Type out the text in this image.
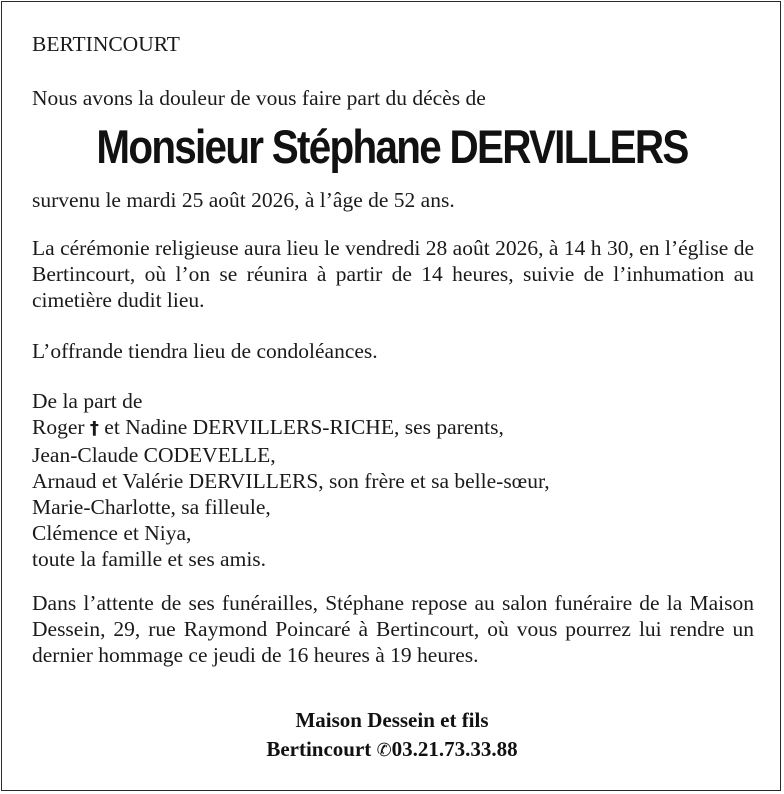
BERTINCOURT

Nous avons la douleur de vous faire part du décès de

Monsieur Stéphane DERVILLERS

survenu le mardi 25 août 2026, à l’âge de 52 ans.

La cérémonie religieuse aura lieu le vendredi 28 août 2026, à 14 h 30, en l’église de Bertincourt, où l’on se réunira à partir de 14 heures, suivie de l’inhumation au cimetière dudit lieu.

L’offrande tiendra lieu de condoléances.

De la part de
Roger † et Nadine DERVILLERS-RICHE, ses parents,
Jean-Claude CODEVELLE,
Arnaud et Valérie DERVILLERS, son frère et sa belle-sœur,
Marie-Charlotte, sa filleule,
Clémence et Niya,
toute la famille et ses amis.

Dans l’attente de ses funérailles, Stéphane repose au salon funéraire de la Maison Dessein, 29, rue Raymond Poincaré à Bertincourt, où vous pourrez lui rendre un dernier hommage ce jeudi de 16 heures à 19 heures.

Maison Dessein et fils

Bertincourt ✆03.21.73.33.88
